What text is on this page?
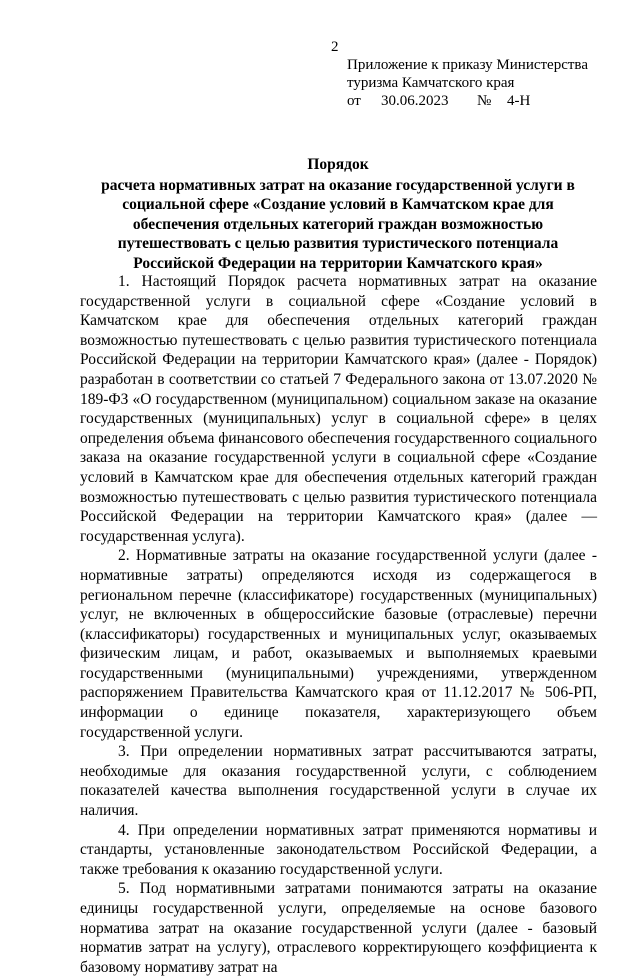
2
Приложение к приказу Министерства
туризма Камчатского края
от 30.06.2023 № 4-Н
Порядок
расчета нормативных затрат на оказание государственной услуги в социальной сфере «Создание условий в Камчатском крае для обеспечения отдельных категорий граждан возможностью путешествовать с целью развития туристического потенциала Российской Федерации на территории Камчатского края»

1. Настоящий Порядок расчета нормативных затрат на оказание государственной услуги в социальной сфере «Создание условий в Камчатском крае для обеспечения отдельных категорий граждан возможностью путешествовать с целью развития туристического потенциала Российской Федерации на территории Камчатского края» (далее - Порядок) разработан в соответствии со статьей 7 Федерального закона от 13.07.2020 № 189-ФЗ «О государственном (муниципальном) социальном заказе на оказание государственных (муниципальных) услуг в социальной сфере» в целях определения объема финансового обеспечения государственного социального заказа на оказание государственной услуги в социальной сфере «Создание условий в Камчатском крае для обеспечения отдельных категорий граждан возможностью путешествовать с целью развития туристического потенциала Российской Федерации на территории Камчатского края» (далее — государственная услуга).

2. Нормативные затраты на оказание государственной услуги (далее - нормативные затраты) определяются исходя из содержащегося в региональном перечне (классификаторе) государственных (муниципальных) услуг, не включенных в общероссийские базовые (отраслевые) перечни (классификаторы) государственных и муниципальных услуг, оказываемых физическим лицам, и работ, оказываемых и выполняемых краевыми государственными (муниципальными) учреждениями, утвержденном распоряжением Правительства Камчатского края от 11.12.2017 № 506-РП, информации о единице показателя, характеризующего объем государственной услуги.

3. При определении нормативных затрат рассчитываются затраты, необходимые для оказания государственной услуги, с соблюдением показателей качества выполнения государственной услуги в случае их наличия.

4. При определении нормативных затрат применяются нормативы и стандарты, установленные законодательством Российской Федерации, а также требования к оказанию государственной услуги.

5. Под нормативными затратами понимаются затраты на оказание единицы государственной услуги, определяемые на основе базового норматива затрат на оказание государственной услуги (далее - базовый норматив затрат на услугу), отраслевого корректирующего коэффициента к базовому нормативу затрат на
